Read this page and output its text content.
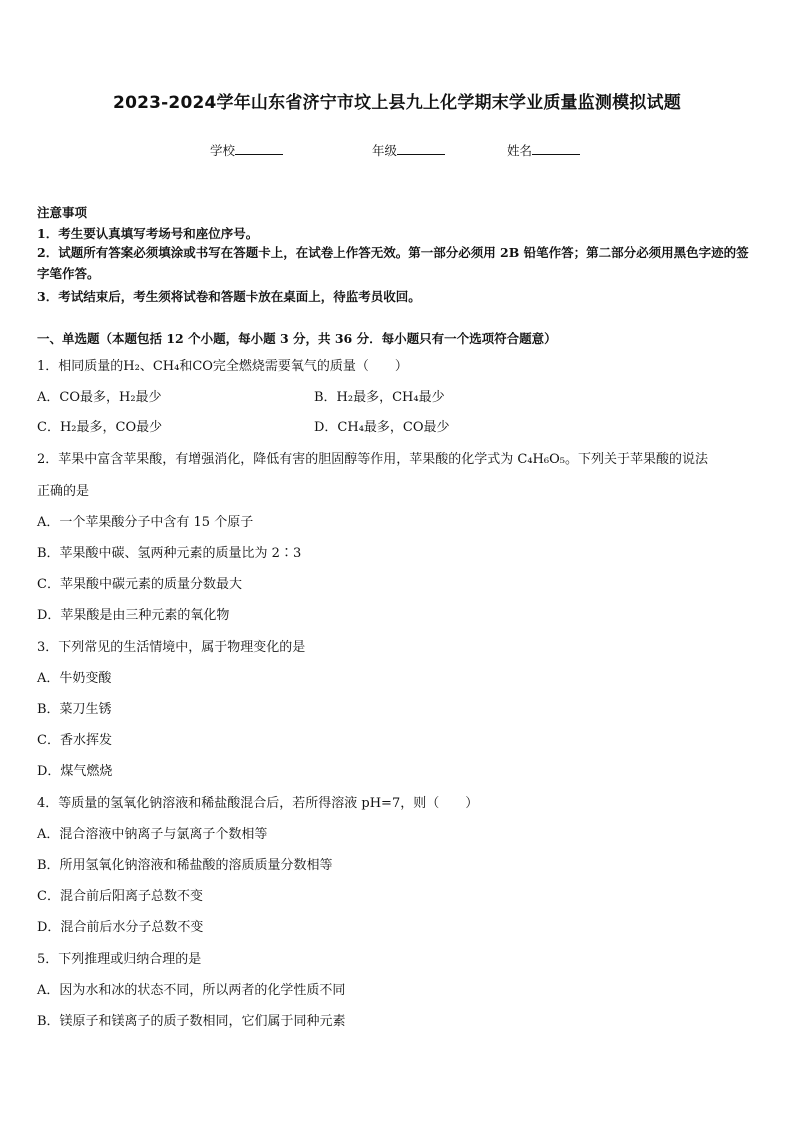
2023-2024学年山东省济宁市坟上县九上化学期末学业质量监测模拟试题
学校	年级	姓名
注意事项
1．考生要认真填写考场号和座位序号。
2．试题所有答案必须填涂或书写在答题卡上，在试卷上作答无效。第一部分必须用 2B 铅笔作答；第二部分必须用黑色字迹的签字笔作答。
3．考试结束后，考生须将试卷和答题卡放在桌面上，待监考员收回。
一、单选题（本题包括 12 个小题，每小题 3 分，共 36 分．每小题只有一个选项符合题意）
1．相同质量的H₂、CH₄和CO完全燃烧需要氧气的质量（　　）
A．CO最多，H₂最少	B．H₂最多，CH₄最少
C．H₂最多，CO最少	D．CH₄最多，CO最少
2．苹果中富含苹果酸，有增强消化，降低有害的胆固醇等作用，苹果酸的化学式为 C₄H₆O₅。下列关于苹果酸的说法
正确的是
A．一个苹果酸分子中含有 15 个原子
B．苹果酸中碳、氢两种元素的质量比为 2∶3
C．苹果酸中碳元素的质量分数最大
D．苹果酸是由三种元素的氧化物
3．下列常见的生活情境中，属于物理变化的是
A．牛奶变酸
B．菜刀生锈
C．香水挥发
D．煤气燃烧
4．等质量的氢氧化钠溶液和稀盐酸混合后，若所得溶液 pH=7，则（　　）
A．混合溶液中钠离子与氯离子个数相等
B．所用氢氧化钠溶液和稀盐酸的溶质质量分数相等
C．混合前后阳离子总数不变
D．混合前后水分子总数不变
5．下列推理或归纳合理的是
A．因为水和冰的状态不同，所以两者的化学性质不同
B．镁原子和镁离子的质子数相同，它们属于同种元素
